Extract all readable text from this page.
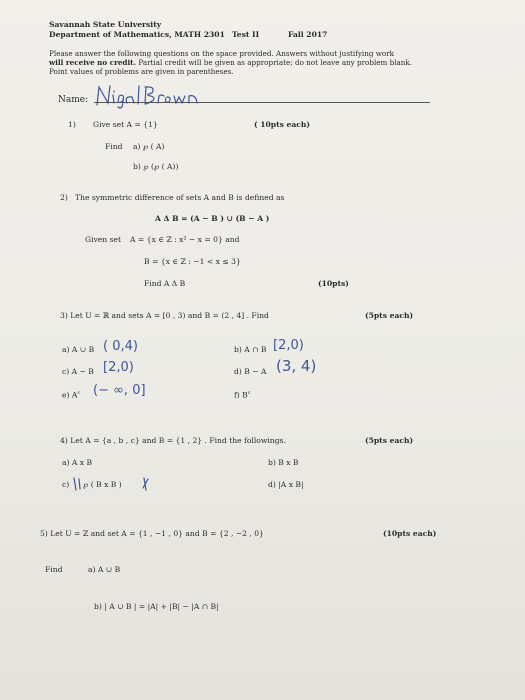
Savannah State University
Department of Mathematics, MATH 2301 Test II	Fall 2017
Please answer the following questions on the space provided. Answers without justifying work
will receive no credit. Partial credit will be given as appropriate; do not leave any problem blank.
Point values of problems are given in parentheses.
Name:
1) Give set A = {1}	( 10pts each)
Find a) ℘ ( A)
b) ℘ (℘ ( A))
2) The symmetric difference of sets A and B is defined as
A Δ B = (A − B ) ∪ (B − A )
Given set A = {x ∈ ℤ : x² − x = 0} and
B = {x ∈ ℤ : −1 < x ≤ 3}
Find A Δ B	(10pts)
3) Let U = ℝ and sets A = [0 , 3) and B = (2 , 4] . Find	(5pts each)
a) A ∪ B ( 0,4)	b) A ∩ B [2,0)
c) A − B [2,0)	d) B − A (3, 4)
e) $A^c$ (− ∞, 0]	f) $B^c$
4) Let A = {a , b , c} and B = {1 , 2} . Find the followings.	(5pts each)
a) A x B	b) B x B
c) ℘ ( B x B )	d) |A x B|
5) Let U = ℤ and set A = {1 , −1 , 0} and B = {2 , −2 , 0}	(10pts each)
Find	a) A ∪ B
b) | A ∪ B | = |A| + |B| − |A ∩ B|
